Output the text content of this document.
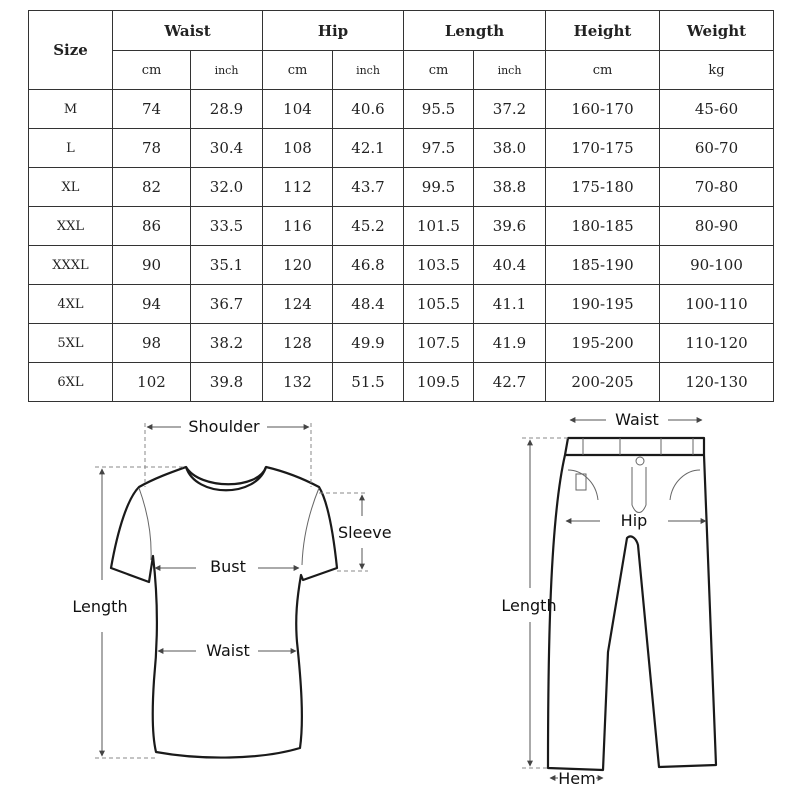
Size	Waist		Hip		Length		Height	Weight
	cm	inch	cm	inch	cm	inch	cm	kg
M	74	28.9	104	40.6	95.5	37.2	160-170	45-60
L	78	30.4	108	42.1	97.5	38.0	170-175	60-70
XL	82	32.0	112	43.7	99.5	38.8	175-180	70-80
XXL	86	33.5	116	45.2	101.5	39.6	180-185	80-90
XXXL	90	35.1	120	46.8	103.5	40.4	185-190	90-100
4XL	94	36.7	124	48.4	105.5	41.1	190-195	100-110
5XL	98	38.2	128	49.9	107.5	41.9	195-200	110-120
6XL	102	39.8	132	51.5	109.5	42.7	200-205	120-130
Shoulder
Length
Sleeve
Bust
Waist
Waist
Hip
Length
Hem
